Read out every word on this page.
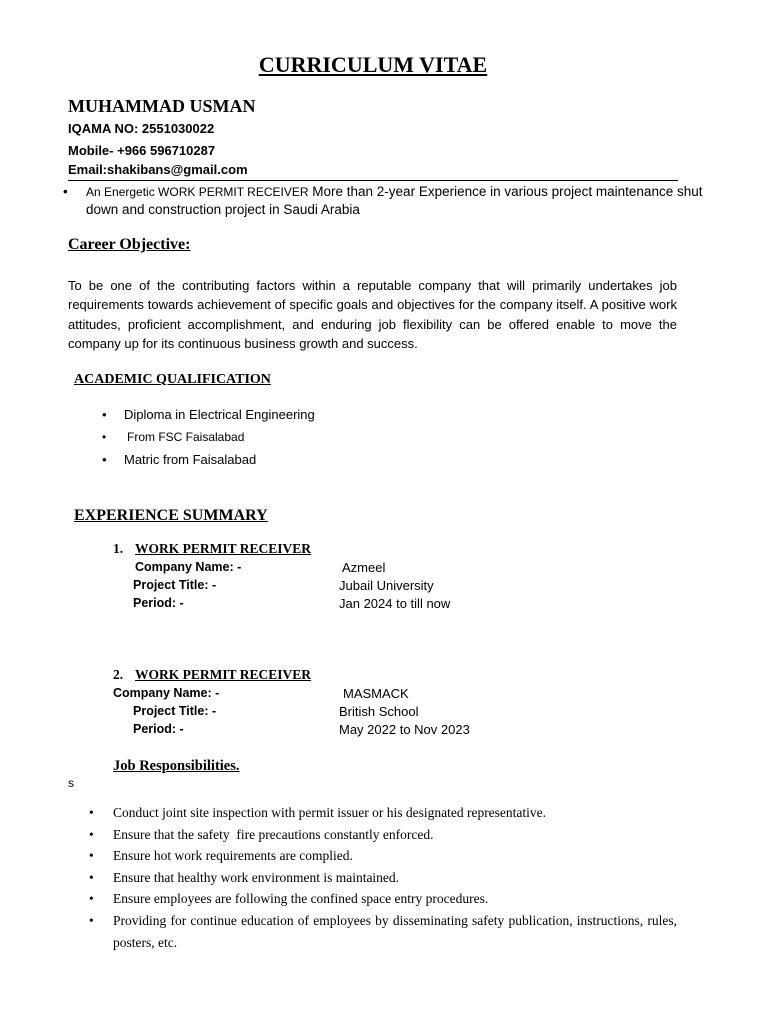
CURRICULUM VITAE
MUHAMMAD USMAN
IQAMA NO: 2551030022
Mobile- +966 596710287
Email:shakibans@gmail.com
• An Energetic WORK PERMIT RECEIVER More than 2-year Experience in various project maintenance shut down and construction project in Saudi Arabia
Career Objective:
To be one of the contributing factors within a reputable company that will primarily undertakes job requirements towards achievement of specific goals and objectives for the company itself. A positive work attitudes, proficient accomplishment, and enduring job flexibility can be offered enable to move the company up for its continuous business growth and success.
ACADEMIC QUALIFICATION
• Diploma in Electrical Engineering
• From FSC Faisalabad
• Matric from Faisalabad
EXPERIENCE SUMMARY
1. WORK PERMIT RECEIVER
Company Name: -	Azmeel
Project Title: -	Jubail University
Period: -	Jan 2024 to till now
2. WORK PERMIT RECEIVER
Company Name: -	MASMACK
Project Title: -	British School
Period: -	May 2022 to Nov 2023
Job Responsibilities.
s
• Conduct joint site inspection with permit issuer or his designated representative.
• Ensure that the safety  fire precautions constantly enforced.
• Ensure hot work requirements are complied.
• Ensure that healthy work environment is maintained.
• Ensure employees are following the confined space entry procedures.
• Providing for continue education of employees by disseminating safety publication, instructions, rules, posters, etc.
